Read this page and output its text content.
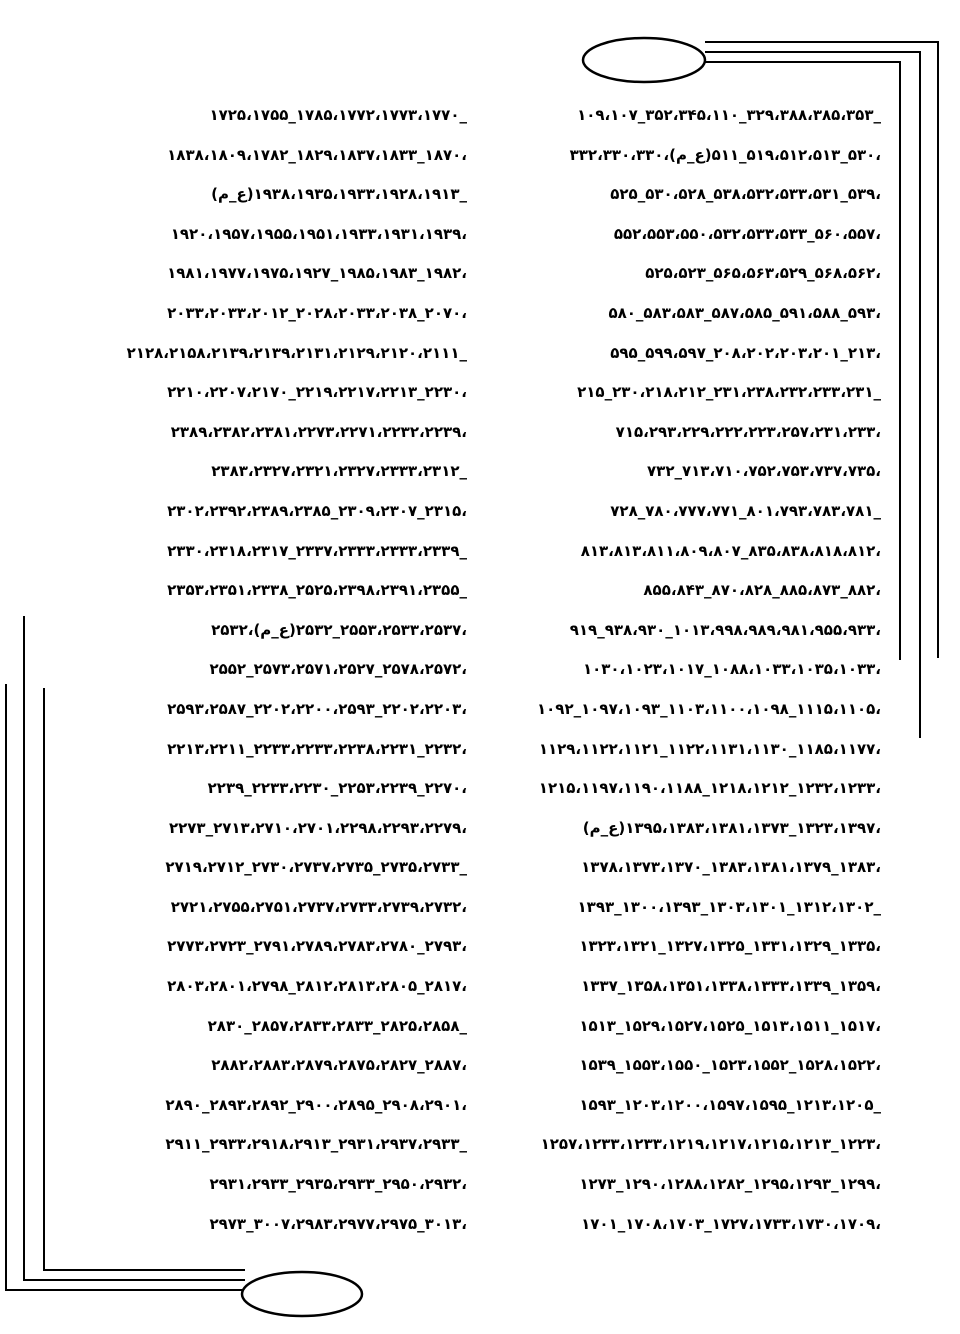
_۳۲۹،۳۸۸،۳۸۵،۳۵۳_۳۵۲،۳۴۵،۱۱۰_۱۰۹،۱۰۷
،۵۳۰_۵۱۹،۵۱۲،۵۱۳_۵۱۱(ع_م)،۳۳۲،۳۳۰،۳۳۰
،۵۳۹_۵۳۸،۵۳۲،۵۳۳،۵۳۱_۵۳۰،۵۲۸_۵۲۵
،۵۶۰،۵۵۷_۵۵۲،۵۵۳،۵۵۰،۵۳۲،۵۳۳،۵۳۳
،۵۶۸،۵۶۲_۵۶۵،۵۶۳،۵۲۹_۵۲۵،۵۲۳
،۵۹۳_۵۹۱،۵۸۸_۵۸۷،۵۸۵_۵۸۳،۵۸۳_۵۸۰
،۲۱۳_۲۰۸،۲۰۲،۲۰۳،۲۰۱_۵۹۹،۵۹۷_۵۹۵
_۲۳۱،۲۳۸،۲۳۲،۲۳۳،۲۳۱_۲۳۰،۲۱۸،۲۱۲_۲۱۵
،۷۱۵،۲۹۳،۲۲۹،۲۲۲،۲۲۳،۲۵۷،۲۳۱،۲۳۳
،۷۱۳،۷۱۰،۷۵۲،۷۵۳،۷۳۷،۷۳۵_۷۳۲
_۸۰۱،۷۹۳،۷۸۳،۷۸۱_۷۸۰،۷۷۷،۷۷۱_۷۲۸
،۸۳۵،۸۳۸،۸۱۸،۸۱۲_۸۱۳،۸۱۳،۸۱۱،۸۰۹،۸۰۷
،۸۸۲_۸۸۵،۸۷۳_۸۷۰،۸۲۸_۸۵۵،۸۴۳
،۱۰۱۳،۹۹۸،۹۸۹،۹۸۱،۹۵۵،۹۳۳_۹۳۸،۹۳۰_۹۱۹
،۱۰۸۸،۱۰۳۳،۱۰۳۵،۱۰۳۳_۱۰۳۰،۱۰۲۳،۱۰۱۷
،۱۱۱۵،۱۱۰۵_۱۱۰۳،۱۱۰۰،۱۰۹۸_۱۰۹۷،۱۰۹۳_۱۰۹۲
،۱۱۸۵،۱۱۷۷_۱۱۲۲،۱۱۳۱،۱۱۳۰_۱۱۲۹،۱۱۲۲،۱۱۲۱
،۱۲۳۲،۱۲۳۳_۱۲۱۸،۱۲۱۲_۱۲۱۵،۱۱۹۷،۱۱۹۰،۱۱۸۸
،۱۳۲۳،۱۳۹۷_۱۳۹۵،۱۳۸۳،۱۳۸۱،۱۳۷۳(ع_م)
،۱۳۸۳_۱۳۸۳،۱۳۸۱،۱۳۷۹_۱۳۷۸،۱۳۷۳،۱۳۷۰
_۱۳۱۲،۱۳۰۲_۱۳۰۳،۱۳۰۱_۱۳۰۰،۱۳۹۳_۱۳۹۳
،۱۳۳۵_۱۳۳۱،۱۳۲۹_۱۳۲۷،۱۳۲۵_۱۳۲۳،۱۳۲۱
،۱۳۵۹_۱۳۵۸،۱۳۵۱،۱۳۳۸،۱۳۳۳،۱۳۳۹_۱۳۳۷
،۱۵۱۷_۱۵۱۳،۱۵۱۱_۱۵۲۹،۱۵۲۷،۱۵۲۵_۱۵۱۳
،۱۵۲۸،۱۵۲۲_۱۵۲۳،۱۵۵۲_۱۵۵۳،۱۵۵۰_۱۵۳۹
_۱۲۱۳،۱۲۰۵_۱۲۰۳،۱۲۰۰،۱۵۹۷،۱۵۹۵_۱۵۹۳
،۱۲۲۳_۱۲۵۷،۱۲۳۳،۱۲۳۳،۱۲۱۹،۱۲۱۷،۱۲۱۵،۱۲۱۳
،۱۲۹۹_۱۲۹۵،۱۲۹۳_۱۲۹۰،۱۲۸۸،۱۲۸۲_۱۲۷۳
،۱۷۲۷،۱۷۳۳،۱۷۳۰،۱۷۰۹_۱۷۰۸،۱۷۰۳_۱۷۰۱
_۱۷۸۵،۱۷۷۲،۱۷۷۳،۱۷۷۰_۱۷۲۵،۱۷۵۵
،۱۸۷۰_۱۸۲۹،۱۸۳۷،۱۸۳۳_۱۸۳۸،۱۸۰۹،۱۷۸۲
_۱۹۳۸،۱۹۳۵،۱۹۳۳،۱۹۲۸،۱۹۱۳(ع_م)
،۱۹۲۰،۱۹۵۷،۱۹۵۵،۱۹۵۱،۱۹۳۳،۱۹۳۱،۱۹۳۹
،۱۹۸۲_۱۹۸۵،۱۹۸۳_۱۹۸۱،۱۹۷۷،۱۹۷۵،۱۹۲۷
،۲۰۷۰_۲۰۲۸،۲۰۳۳،۲۰۳۸_۲۰۳۳،۲۰۳۳،۲۰۱۲
_۲۱۲۸،۲۱۵۸،۲۱۳۹،۲۱۳۹،۲۱۳۱،۲۱۲۹،۲۱۲۰،۲۱۱۱
،۲۲۳۰_۲۲۱۹،۲۲۱۷،۲۲۱۳_۲۲۱۰،۲۲۰۷،۲۱۷۰
،۲۳۸۹،۲۳۸۲،۲۳۸۱،۲۲۷۳،۲۲۷۱،۲۲۳۲،۲۲۳۹
_۲۳۸۳،۲۳۲۷،۲۳۲۱،۲۳۲۷،۲۳۳۳،۲۳۱۲
،۲۳۱۵_۲۳۰۹،۲۳۰۷_۲۳۰۲،۲۳۹۲،۲۳۸۹،۲۳۸۵
_۲۳۳۷،۲۳۳۳،۲۳۳۳،۲۳۳۹_۲۳۳۰،۲۳۱۸،۲۳۱۷
_۲۵۲۵،۲۳۹۸،۲۳۹۱،۲۳۵۵_۲۳۵۳،۲۳۵۱،۲۳۳۸
،۲۵۵۳،۲۵۳۳،۲۵۳۷_۲۵۳۲(ع_م)،۲۵۳۲
،۲۵۷۸،۲۵۷۲_۲۵۷۳،۲۵۷۱،۲۵۲۷_۲۵۵۲
،۲۲۰۲،۲۲۰۳_۲۲۰۲،۲۲۰۰،۲۵۹۳_۲۵۹۳،۲۵۸۷
،۲۲۳۲_۲۲۳۳،۲۲۳۳،۲۲۳۸،۲۲۳۱_۲۲۱۳،۲۲۱۱
،۲۲۷۰_۲۲۵۳،۲۲۳۹_۲۲۳۳،۲۲۳۰_۲۲۳۹
،۲۷۱۳،۲۷۱۰،۲۷۰۱،۲۲۹۸،۲۲۹۳،۲۲۷۹_۲۲۷۳
_۲۷۳۵،۲۷۳۳_۲۷۳۰،۲۷۳۷،۲۷۳۵_۲۷۱۹،۲۷۱۲
،۲۷۲۱،۲۷۵۵،۲۷۵۱،۲۷۳۷،۲۷۳۳،۲۷۳۹،۲۷۳۲
،۲۷۹۳_۲۷۹۱،۲۷۸۹،۲۷۸۳،۲۷۸۰_۲۷۷۳،۲۷۲۳
،۲۸۱۷_۲۸۱۲،۲۸۱۳،۲۸۰۵_۲۸۰۳،۲۸۰۱،۲۷۹۸
_۲۸۲۵،۲۸۵۸_۲۸۵۷،۲۸۳۳،۲۸۳۳_۲۸۳۰
،۲۸۸۷_۲۸۸۲،۲۸۸۳،۲۸۷۹،۲۸۷۵،۲۸۲۷
،۲۹۰۸،۲۹۰۱_۲۹۰۰،۲۸۹۵_۲۸۹۳،۲۸۹۲_۲۸۹۰
_۲۹۳۱،۲۹۳۷،۲۹۳۳_۲۹۳۳،۲۹۱۸،۲۹۱۳_۲۹۱۱
،۲۹۵۰،۲۹۳۲_۲۹۳۵،۲۹۳۳_۲۹۳۱،۲۹۳۳
،۳۰۱۳_۳۰۰۷،۲۹۸۳،۲۹۷۷،۲۹۷۵_۲۹۷۳
